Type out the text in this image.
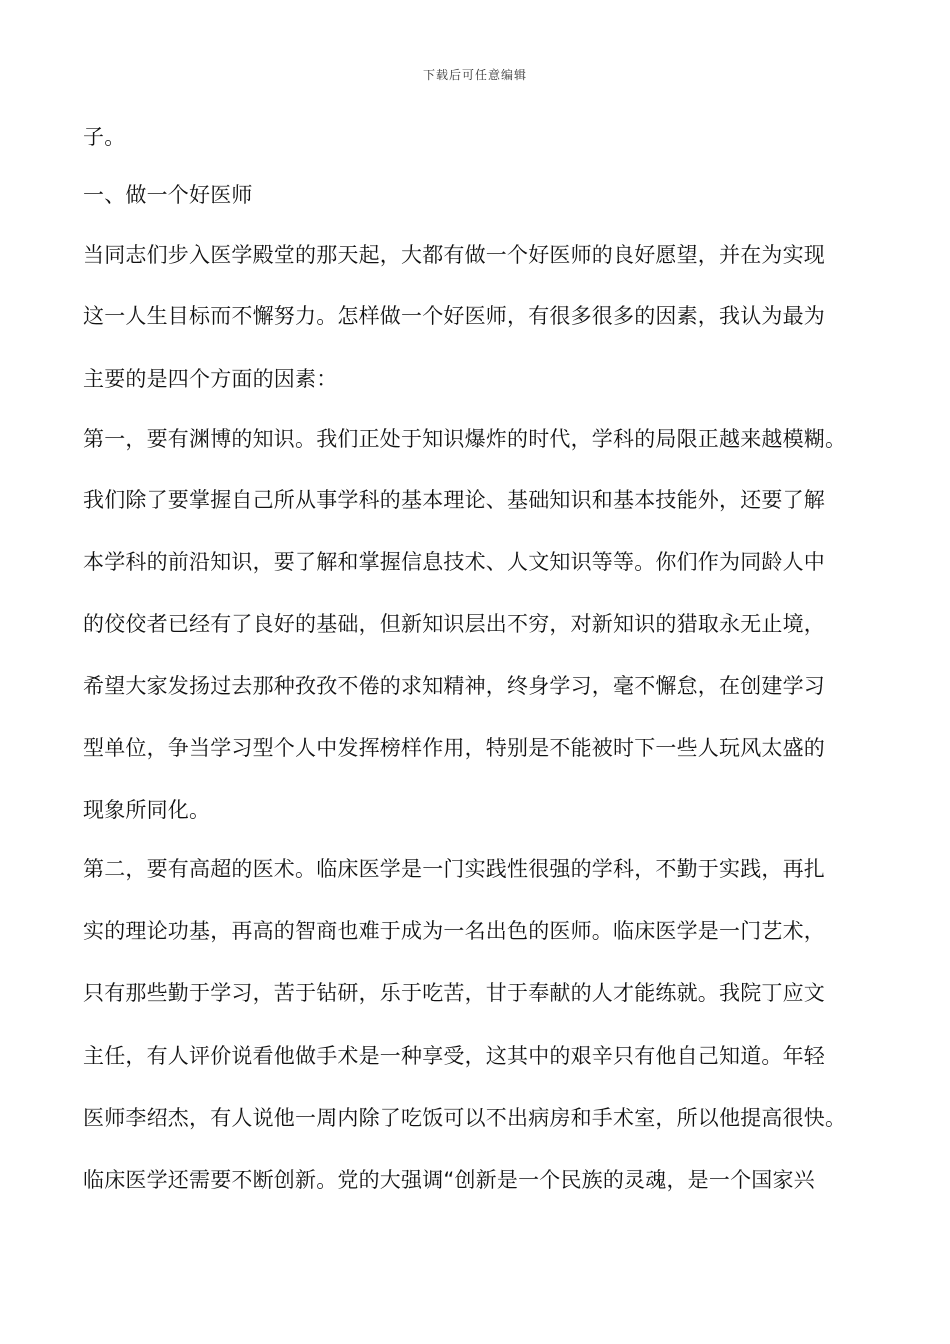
下载后可任意编辑
子。
一、做一个好医师
当同志们步入医学殿堂的那天起，大都有做一个好医师的良好愿望，并在为实现
这一人生目标而不懈努力。怎样做一个好医师，有很多很多的因素，我认为最为
主要的是四个方面的因素：
第一，要有渊博的知识。我们正处于知识爆炸的时代，学科的局限正越来越模糊。
我们除了要掌握自己所从事学科的基本理论、基础知识和基本技能外，还要了解
本学科的前沿知识，要了解和掌握信息技术、人文知识等等。你们作为同龄人中
的佼佼者已经有了良好的基础，但新知识层出不穷，对新知识的猎取永无止境，
希望大家发扬过去那种孜孜不倦的求知精神，终身学习，毫不懈怠，在创建学习
型单位，争当学习型个人中发挥榜样作用，特别是不能被时下一些人玩风太盛的
现象所同化。
第二，要有高超的医术。临床医学是一门实践性很强的学科，不勤于实践，再扎
实的理论功基，再高的智商也难于成为一名出色的医师。临床医学是一门艺术，
只有那些勤于学习，苦于钻研，乐于吃苦，甘于奉献的人才能练就。我院丁应文
主任，有人评价说看他做手术是一种享受，这其中的艰辛只有他自己知道。年轻
医师李绍杰，有人说他一周内除了吃饭可以不出病房和手术室，所以他提高很快。
临床医学还需要不断创新。党的大强调“创新是一个民族的灵魂，是一个国家兴
